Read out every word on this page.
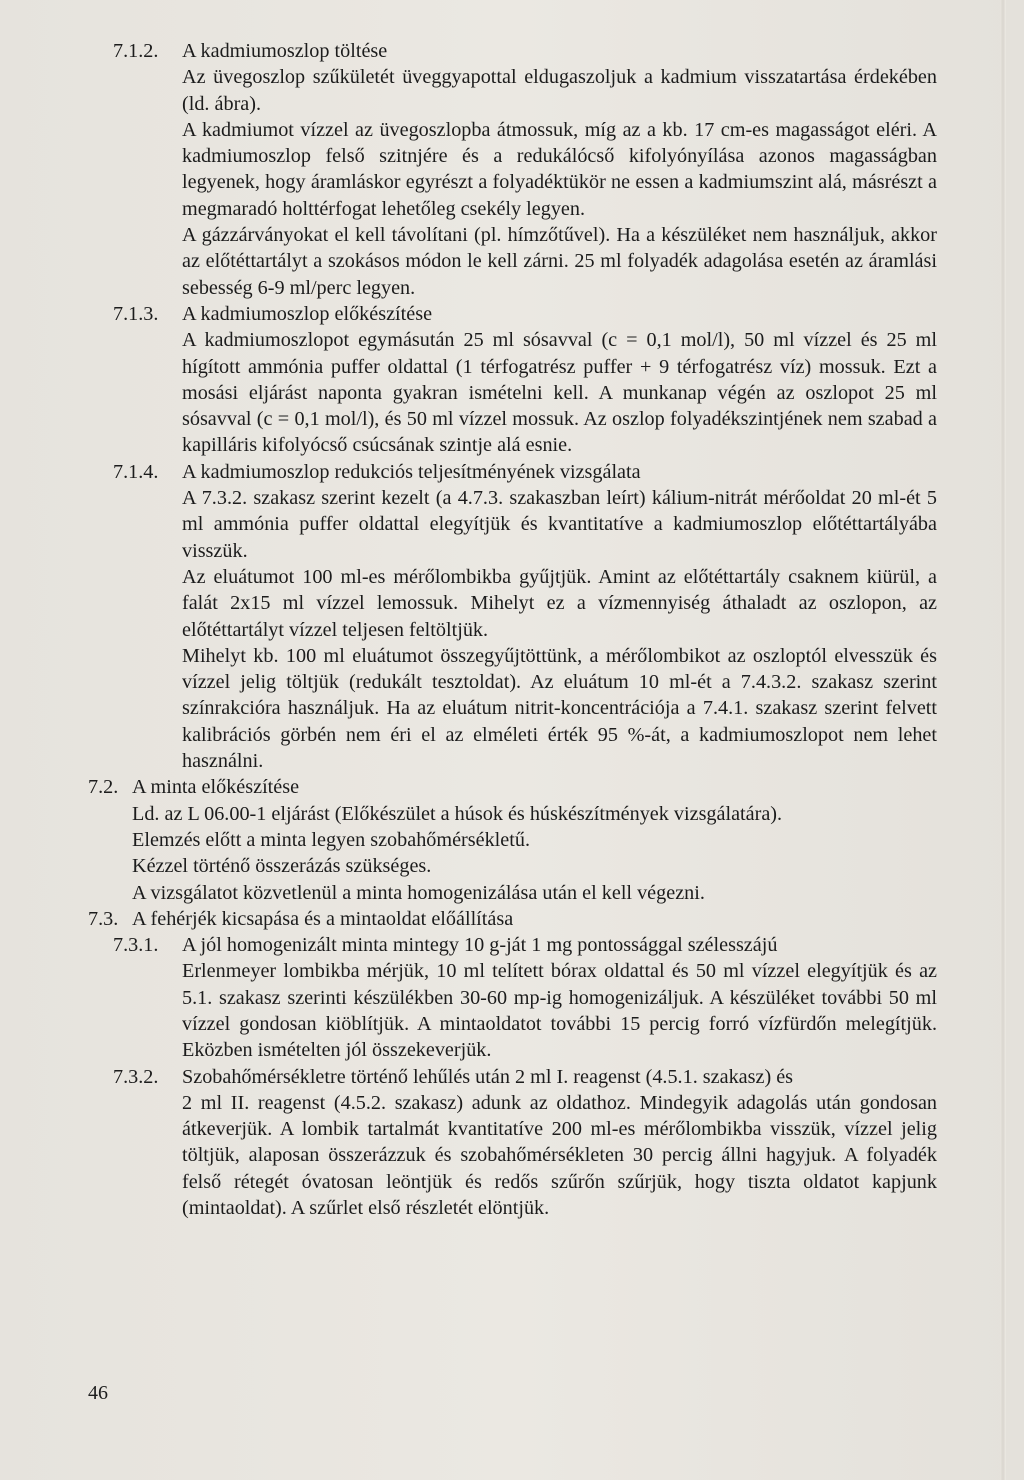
7.1.2. A kadmiumoszlop töltése
Az üvegoszlop szűkületét üveggyapottal eldugaszoljuk a kadmium visszatartása érdekében (ld. ábra).
A kadmiumot vízzel az üvegoszlopba átmossuk, míg az a kb. 17 cm-es magasságot eléri. A kadmiumoszlop felső szitnjére és a redukálócső kifolyónyílása azonos magasságban legyenek, hogy áramláskor egyrészt a folyadéktükör ne essen a kadmiumszint alá, másrészt a megmaradó holttérfogat lehetőleg csekély legyen.
A gázzárványokat el kell távolítani (pl. hímzőtűvel). Ha a készüléket nem használjuk, akkor az előtéttartályt a szokásos módon le kell zárni. 25 ml folyadék adagolása esetén az áramlási sebesség 6-9 ml/perc legyen.
7.1.3. A kadmiumoszlop előkészítése
A kadmiumoszlopot egymásután 25 ml sósavval (c = 0,1 mol/l), 50 ml vízzel és 25 ml hígított ammónia puffer oldattal (1 térfogatrész puffer + 9 térfogatrész víz) mossuk. Ezt a mosási eljárást naponta gyakran ismételni kell. A munkanap végén az oszlopot 25 ml sósavval (c = 0,1 mol/l), és 50 ml vízzel mossuk. Az oszlop folyadékszintjének nem szabad a kapilláris kifolyócső csúcsának szintje alá esnie.
7.1.4. A kadmiumoszlop redukciós teljesítményének vizsgálata
A 7.3.2. szakasz szerint kezelt (a 4.7.3. szakaszban leírt) kálium-nitrát mérőoldat 20 ml-ét 5 ml ammónia puffer oldattal elegyítjük és kvantitatíve a kadmiumoszlop előtéttartályába visszük.
Az eluátumot 100 ml-es mérőlombikba gyűjtjük. Amint az előtéttartály csaknem kiürül, a falát 2x15 ml vízzel lemossuk. Mihelyt ez a vízmennyiség áthaladt az oszlopon, az előtéttartályt vízzel teljesen feltöltjük.
Mihelyt kb. 100 ml eluátumot összegyűjtöttünk, a mérőlombikot az oszloptól elvesszük és vízzel jelig töltjük (redukált tesztoldat). Az eluátum 10 ml-ét a 7.4.3.2. szakasz szerint színrakcióra használjuk. Ha az eluátum nitrit-koncentrációja a 7.4.1. szakasz szerint felvett kalibrációs görbén nem éri el az elméleti érték 95 %-át, a kadmiumoszlopot nem lehet használni.
7.2. A minta előkészítése
Ld. az L 06.00-1 eljárást (Előkészület a húsok és húskészítmények vizsgálatára).
Elemzés előtt a minta legyen szobahőmérsékletű.
Kézzel történő összerázás szükséges.
A vizsgálatot közvetlenül a minta homogenizálása után el kell végezni.
7.3. A fehérjék kicsapása és a mintaoldat előállítása
7.3.1. A jól homogenizált minta mintegy 10 g-ját 1 mg pontossággal szélesszájú
Erlenmeyer lombikba mérjük, 10 ml telített bórax oldattal és 50 ml vízzel elegyítjük és az 5.1. szakasz szerinti készülékben 30-60 mp-ig homogenizáljuk. A készüléket további 50 ml vízzel gondosan kiöblítjük. A mintaoldatot további 15 percig forró vízfürdőn melegítjük. Eközben ismételten jól összekeverjük.
7.3.2. Szobahőmérsékletre történő lehűlés után 2 ml I. reagenst (4.5.1. szakasz) és
2 ml II. reagenst (4.5.2. szakasz) adunk az oldathoz. Mindegyik adagolás után gondosan átkeverjük. A lombik tartalmát kvantitatíve 200 ml-es mérőlombikba visszük, vízzel jelig töltjük, alaposan összerázzuk és szobahőmérsékleten 30 percig állni hagyjuk. A folyadék felső rétegét óvatosan leöntjük és redős szűrőn szűrjük, hogy tiszta oldatot kapjunk (mintaoldat). A szűrlet első részletét elöntjük.
46
